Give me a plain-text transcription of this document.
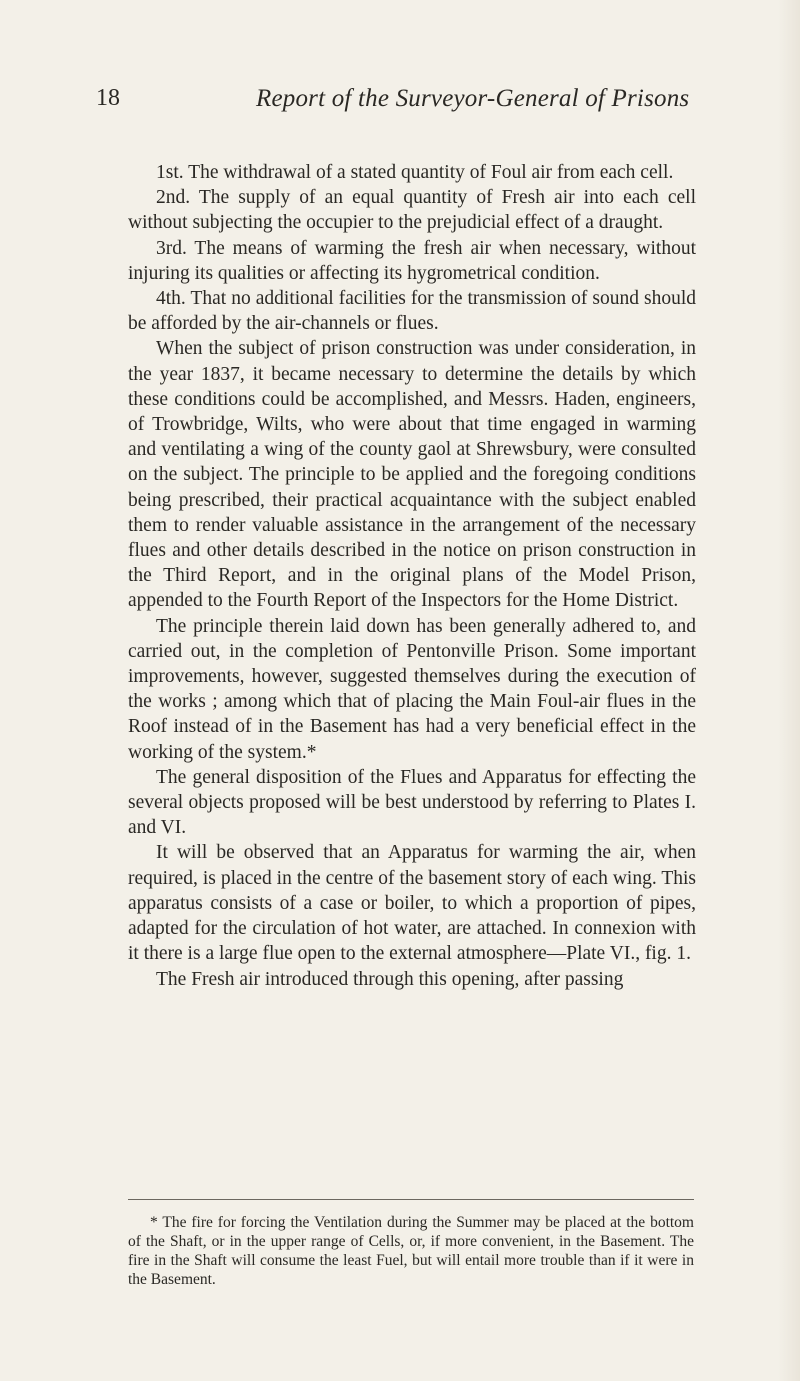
18	Report of the Surveyor-General of Prisons

1st. The withdrawal of a stated quantity of Foul air from each cell.

2nd. The supply of an equal quantity of Fresh air into each cell without subjecting the occupier to the prejudicial effect of a draught.

3rd. The means of warming the fresh air when necessary, without injuring its qualities or affecting its hygrometrical condition.

4th. That no additional facilities for the transmission of sound should be afforded by the air-channels or flues.

When the subject of prison construction was under consideration, in the year 1837, it became necessary to determine the details by which these conditions could be accomplished, and Messrs. Haden, engineers, of Trowbridge, Wilts, who were about that time engaged in warming and ventilating a wing of the county gaol at Shrewsbury, were consulted on the subject. The principle to be applied and the foregoing conditions being prescribed, their practical acquaintance with the subject enabled them to render valuable assistance in the arrangement of the necessary flues and other details described in the notice on prison construction in the Third Report, and in the original plans of the Model Prison, appended to the Fourth Report of the Inspectors for the Home District.

The principle therein laid down has been generally adhered to, and carried out, in the completion of Pentonville Prison. Some important improvements, however, suggested themselves during the execution of the works ; among which that of placing the Main Foul-air flues in the Roof instead of in the Basement has had a very beneficial effect in the working of the system.*

The general disposition of the Flues and Apparatus for effecting the several objects proposed will be best understood by referring to Plates I. and VI.

It will be observed that an Apparatus for warming the air, when required, is placed in the centre of the basement story of each wing. This apparatus consists of a case or boiler, to which a proportion of pipes, adapted for the circulation of hot water, are attached. In connexion with it there is a large flue open to the external atmosphere—Plate VI., fig. 1.

The Fresh air introduced through this opening, after passing

* The fire for forcing the Ventilation during the Summer may be placed at the bottom of the Shaft, or in the upper range of Cells, or, if more convenient, in the Basement. The fire in the Shaft will consume the least Fuel, but will entail more trouble than if it were in the Basement.
